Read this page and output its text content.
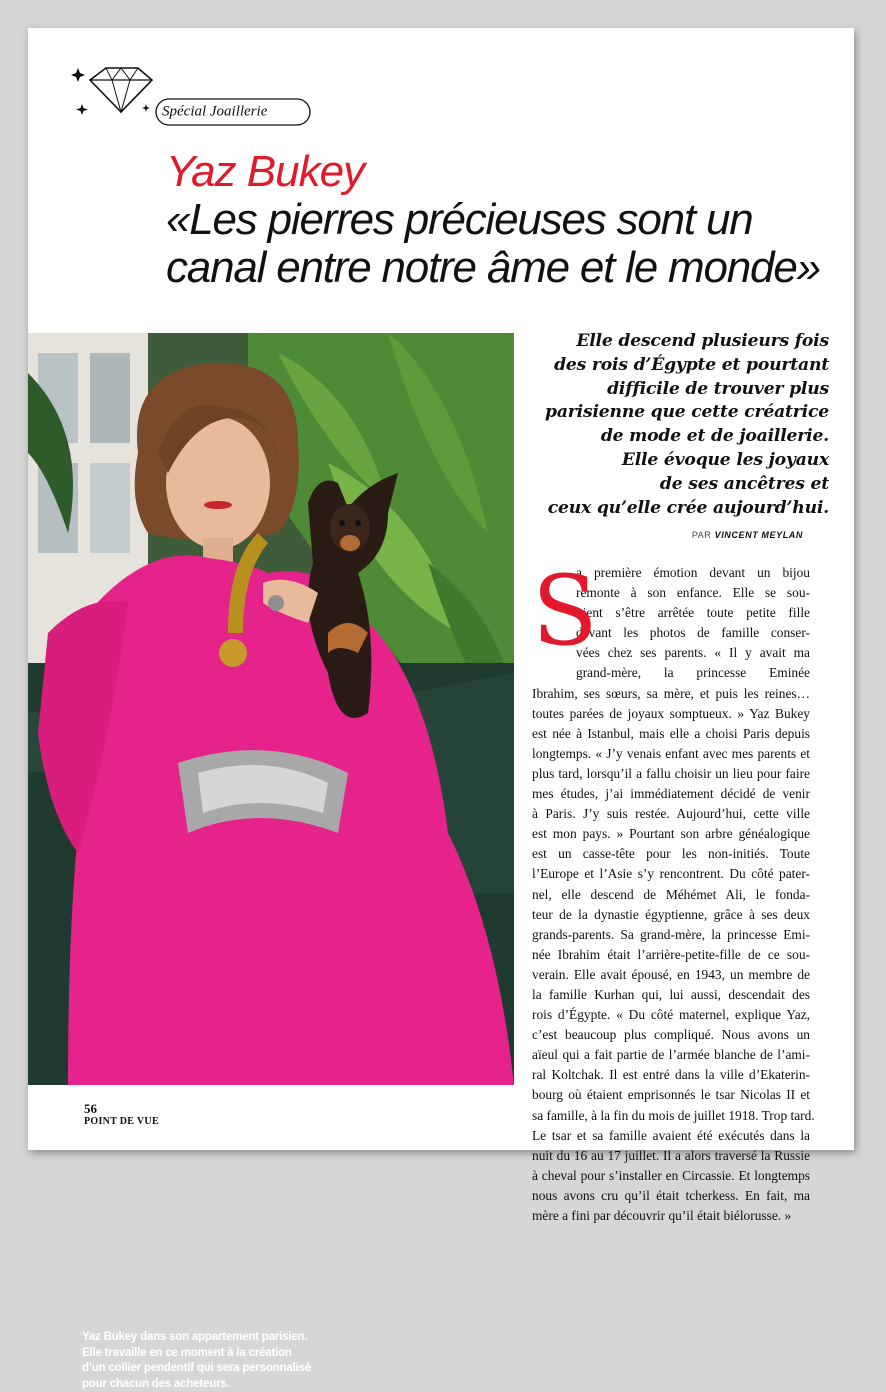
Spécial Joaillerie
Yaz Bukey
«Les pierres précieuses sont un
canal entre notre âme et le monde»
Yaz Bukey dans son appartement parisien. Elle travaille en ce moment à la création d’un collier pendentif qui sera personnalisé pour chacun des acheteurs.
56
POINT DE VUE
Elle descend plusieurs fois
des rois d’Égypte et pourtant
difficile de trouver plus
parisienne que cette créatrice
de mode et de joaillerie.
Elle évoque les joyaux
de ses ancêtres et
ceux qu’elle crée aujourd’hui.
PAR VINCENT MEYLAN
S
a première émotion devant un bijou
remonte à son enfance. Elle se sou-
vient s’être arrêtée toute petite fille
devant les photos de famille conser-
vées chez ses parents. « Il y avait ma
grand-mère, la princesse Eminée
Ibrahim, ses sœurs, sa mère, et puis les reines…
toutes parées de joyaux somptueux. » Yaz Bukey
est née à Istanbul, mais elle a choisi Paris depuis
longtemps. « J’y venais enfant avec mes parents et
plus tard, lorsqu’il a fallu choisir un lieu pour faire
mes études, j’ai immédiatement décidé de venir
à Paris. J’y suis restée. Aujourd’hui, cette ville
est mon pays. » Pourtant son arbre généalogique
est un casse-tête pour les non-initiés. Toute
l’Europe et l’Asie s’y rencontrent. Du côté pater-
nel, elle descend de Méhémet Ali, le fonda-
teur de la dynastie égyptienne, grâce à ses deux
grands-parents. Sa grand-mère, la princesse Emi-
née Ibrahim était l’arrière-petite-fille de ce sou-
verain. Elle avait épousé, en 1943, un membre de
la famille Kurhan qui, lui aussi, descendait des
rois d’Égypte. « Du côté maternel, explique Yaz,
c’est beaucoup plus compliqué. Nous avons un
aïeul qui a fait partie de l’armée blanche de l’ami-
ral Koltchak. Il est entré dans la ville d’Ekaterin-
bourg où étaient emprisonnés le tsar Nicolas II et
sa famille, à la fin du mois de juillet 1918. Trop tard.
Le tsar et sa famille avaient été exécutés dans la
nuit du 16 au 17 juillet. Il a alors traversé la Russie
à cheval pour s’installer en Circassie. Et longtemps
nous avons cru qu’il était tcherkess. En fait, ma
mère a fini par découvrir qu’il était biélorusse. »
